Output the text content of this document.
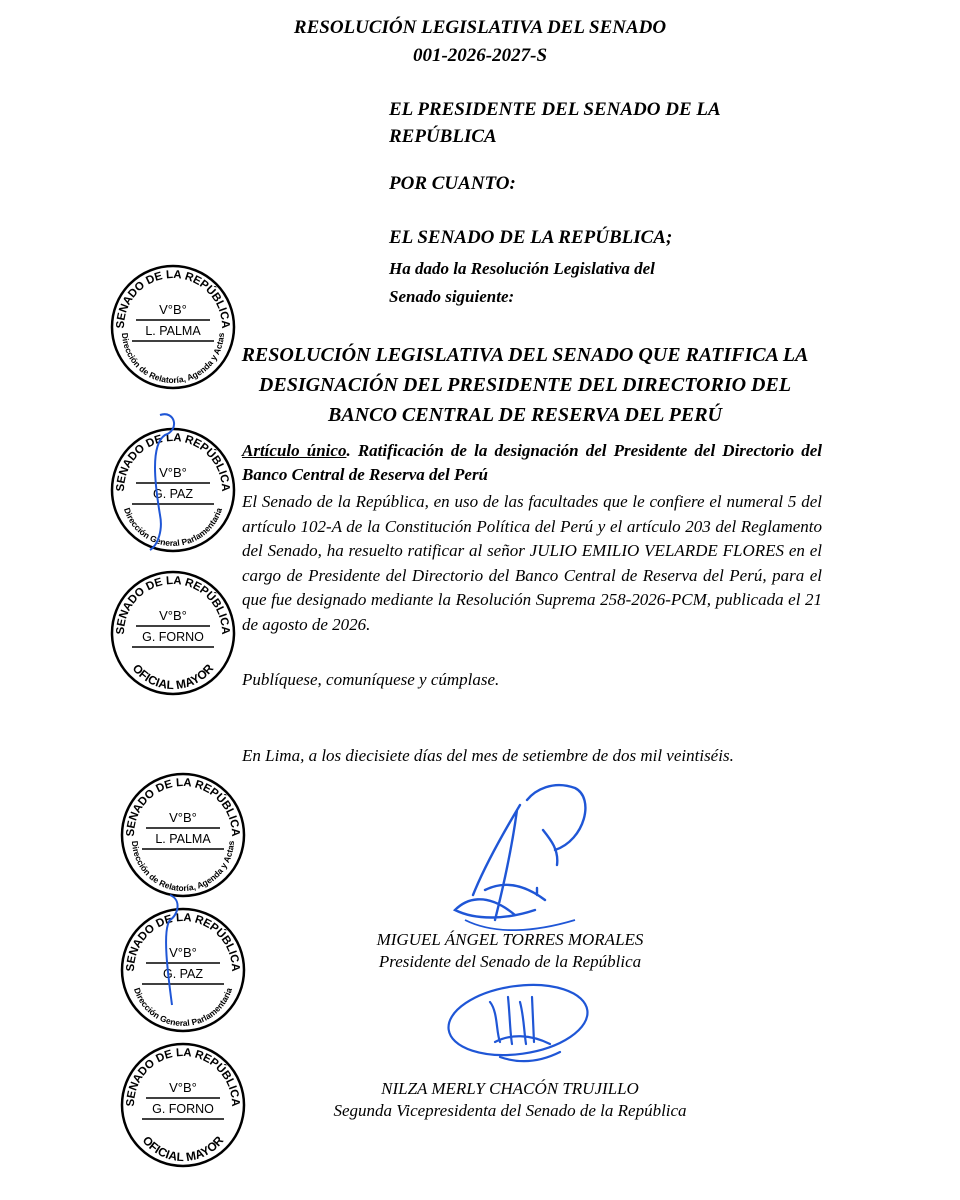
RESOLUCIÓN LEGISLATIVA DEL SENADO

001-2026-2027-S

EL PRESIDENTE DEL SENADO DE LA

REPÚBLICA

POR CUANTO:

EL SENADO DE LA REPÚBLICA;

Ha dado la Resolución Legislativa del

Senado siguiente:

RESOLUCIÓN LEGISLATIVA DEL SENADO QUE RATIFICA LA

DESIGNACIÓN DEL PRESIDENTE DEL DIRECTORIO DEL

BANCO CENTRAL DE RESERVA DEL PERÚ

Artículo único. Ratificación de la designación del Presidente del Directorio del Banco Central de Reserva del Perú

El Senado de la República, en uso de las facultades que le confiere el numeral 5 del artículo 102-A de la Constitución Política del Perú y el artículo 203 del Reglamento del Senado, ha resuelto ratificar al señor JULIO EMILIO VELARDE FLORES en el cargo de Presidente del Directorio del Banco Central de Reserva del Perú, para el que fue designado mediante la Resolución Suprema 258-2026-PCM, publicada el 21 de agosto de 2026.

Publíquese, comuníquese y cúmplase.

En Lima, a los diecisiete días del mes de setiembre de dos mil veintiséis.

MIGUEL ÁNGEL TORRES MORALES

Presidente del Senado de la República

NILZA MERLY CHACÓN TRUJILLO

Segunda Vicepresidenta del Senado de la República

SENADO DE LA REPÚBLICA
Dirección de Relatoría, Agenda y Actas
V°B°
L. PALMA
SENADO DE LA REPÚBLICA
Dirección General Parlamentaria
V°B°
G. PAZ
SENADO DE LA REPÚBLICA
OFICIAL MAYOR
V°B°
G. FORNO
SENADO DE LA REPÚBLICA
Dirección de Relatoría, Agenda y Actas
V°B°
L. PALMA
SENADO DE LA REPÚBLICA
Dirección General Parlamentaria
V°B°
G. PAZ
SENADO DE LA REPÚBLICA
OFICIAL MAYOR
V°B°
G. FORNO
